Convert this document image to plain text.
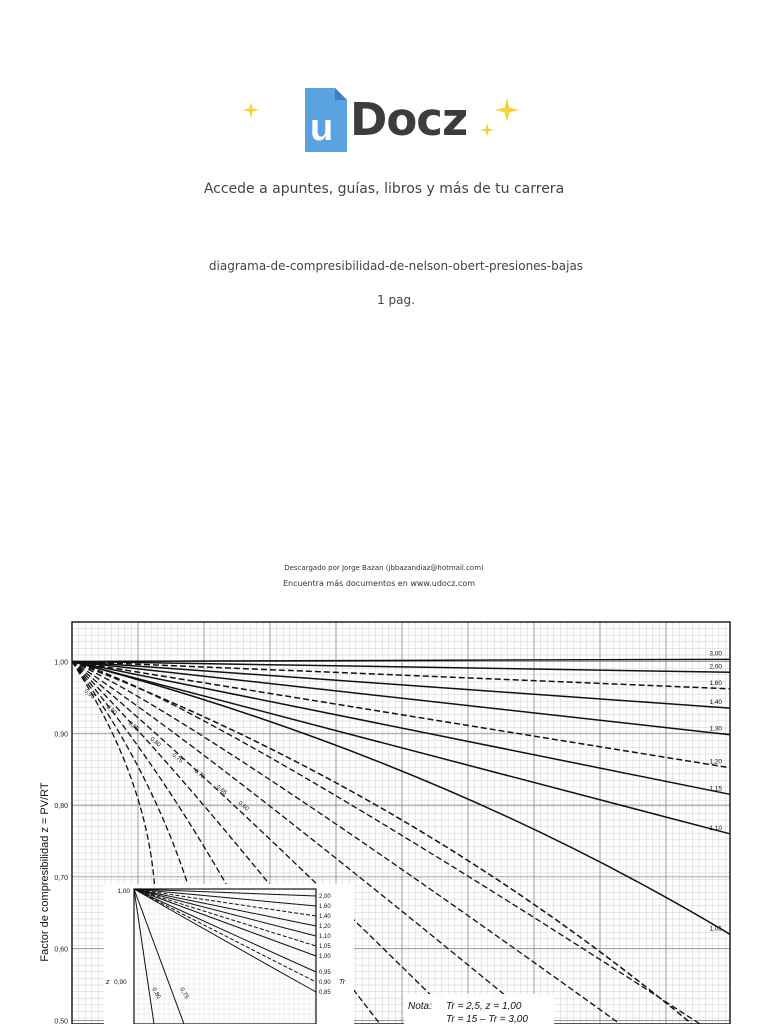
u Docz
Accede a apuntes, guías, libros y más de tu carrera
diagrama-de-compresibilidad-de-nelson-obert-presiones-bajas
1 pag.
Descargado por Jorge Bazan (jbbazandiaz@hotmail.com)
Encuentra más documentos en www.udocz.com
3,00
2,00
1,60
1,40
1,30
1,20
1,15
1,10
1,05
0,95
0,90
0,85
0,80
0,75
0,70
0,65
0,60
1,00
0,90
0,80
0,70
0,60
0,50
Factor de compresibilidad z = PV/RT	1,00
z 0,90	Tr
2,00
1,60
1,40
1,20
1,10
1,05
1,00
0,95
0,90
0,85
0,80	0,75
Nota: Tr = 2,5, z = 1,00
Tr = 15 – Tr = 3,00
